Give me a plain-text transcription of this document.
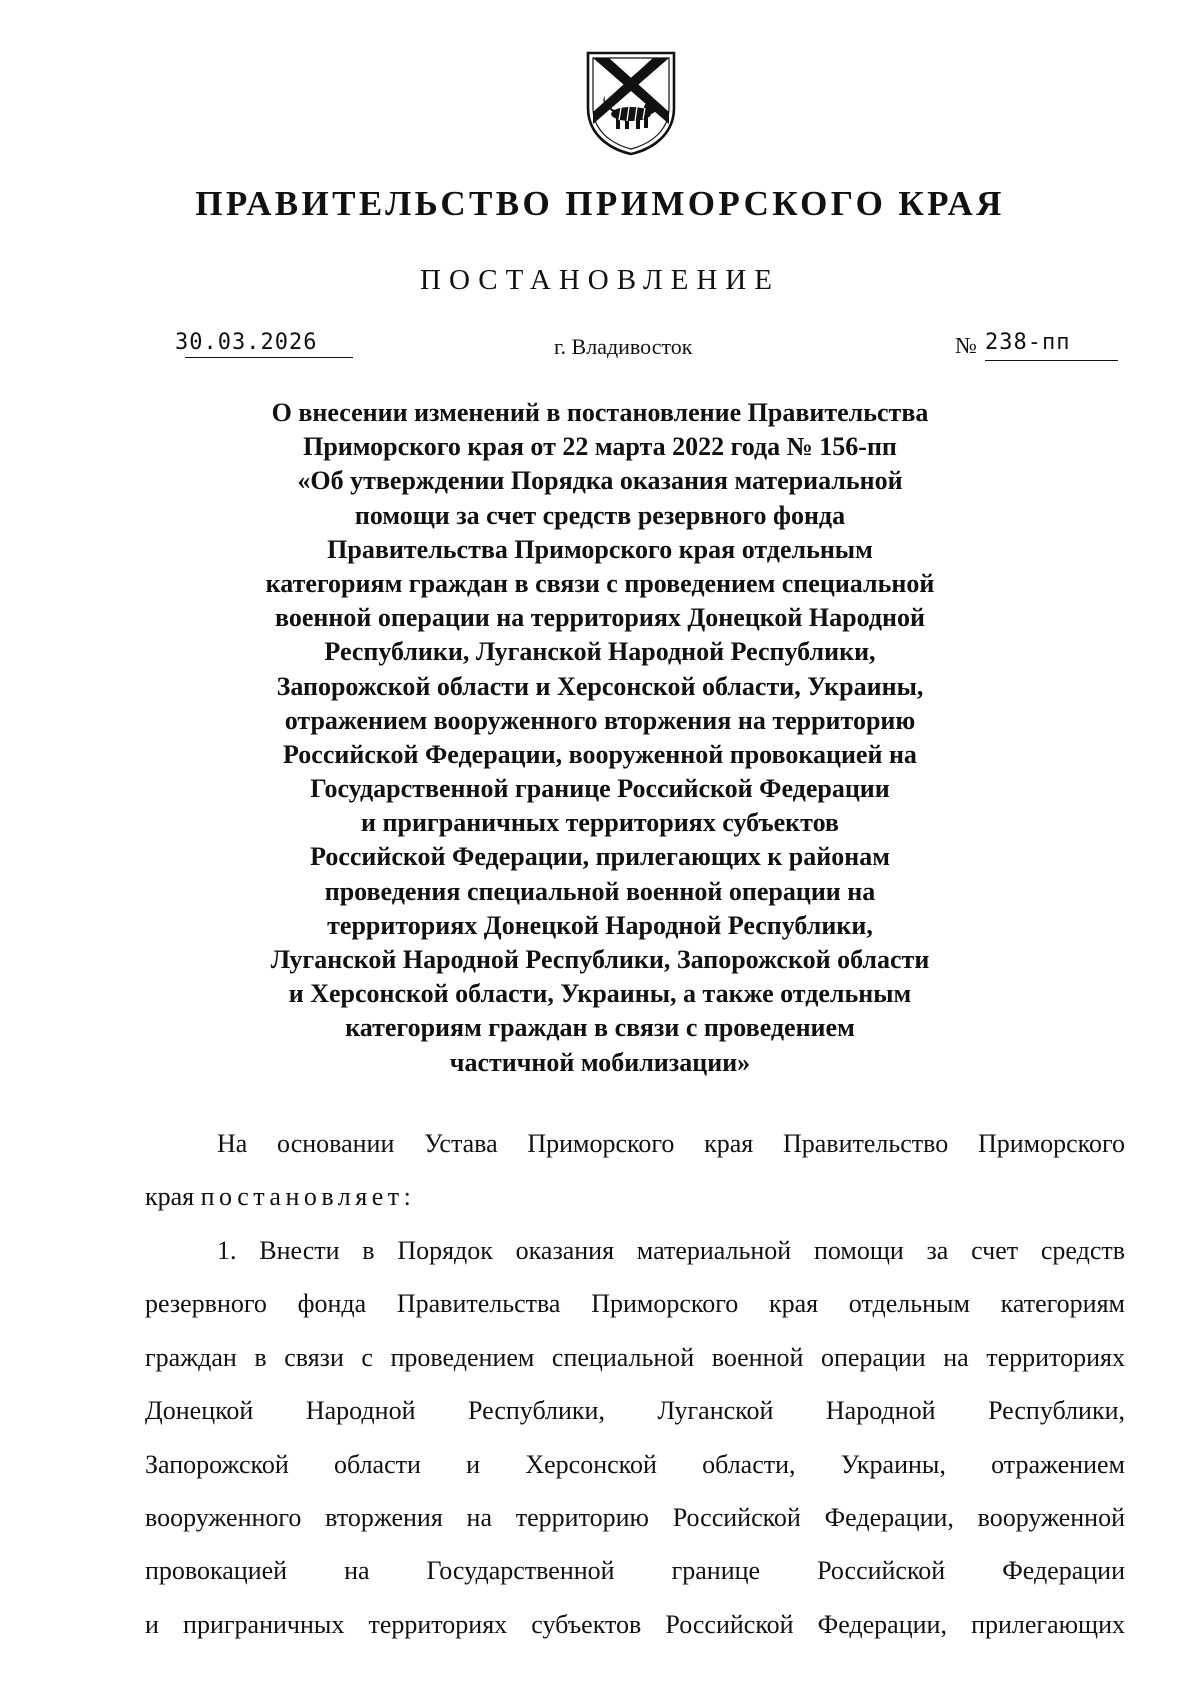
ПРАВИТЕЛЬСТВО ПРИМОРСКОГО КРАЯ
ПОСТАНОВЛЕНИЕ
30.03.2026	г. Владивосток	№ 238-пп
О внесении изменений в постановление Правительства
Приморского края от 22 марта 2022 года № 156-пп
«Об утверждении Порядка оказания материальной
помощи за счет средств резервного фонда
Правительства Приморского края отдельным
категориям граждан в связи с проведением специальной
военной операции на территориях Донецкой Народной
Республики, Луганской Народной Республики,
Запорожской области и Херсонской области, Украины,
отражением вооруженного вторжения на территорию
Российской Федерации, вооруженной провокацией на
Государственной границе Российской Федерации
и приграничных территориях субъектов
Российской Федерации, прилегающих к районам
проведения специальной военной операции на
территориях Донецкой Народной Республики,
Луганской Народной Республики, Запорожской области
и Херсонской области, Украины, а также отдельным
категориям граждан в связи с проведением
частичной мобилизации»
На основании Устава Приморского края Правительство Приморского
края постановляет:
1. Внести в Порядок оказания материальной помощи за счет средств
резервного фонда Правительства Приморского края отдельным категориям
граждан в связи с проведением специальной военной операции на территориях
Донецкой Народной Республики, Луганской Народной Республики,
Запорожской области и Херсонской области, Украины, отражением
вооруженного вторжения на территорию Российской Федерации, вооруженной
провокацией на Государственной границе Российской Федерации
и приграничных территориях субъектов Российской Федерации, прилегающих
